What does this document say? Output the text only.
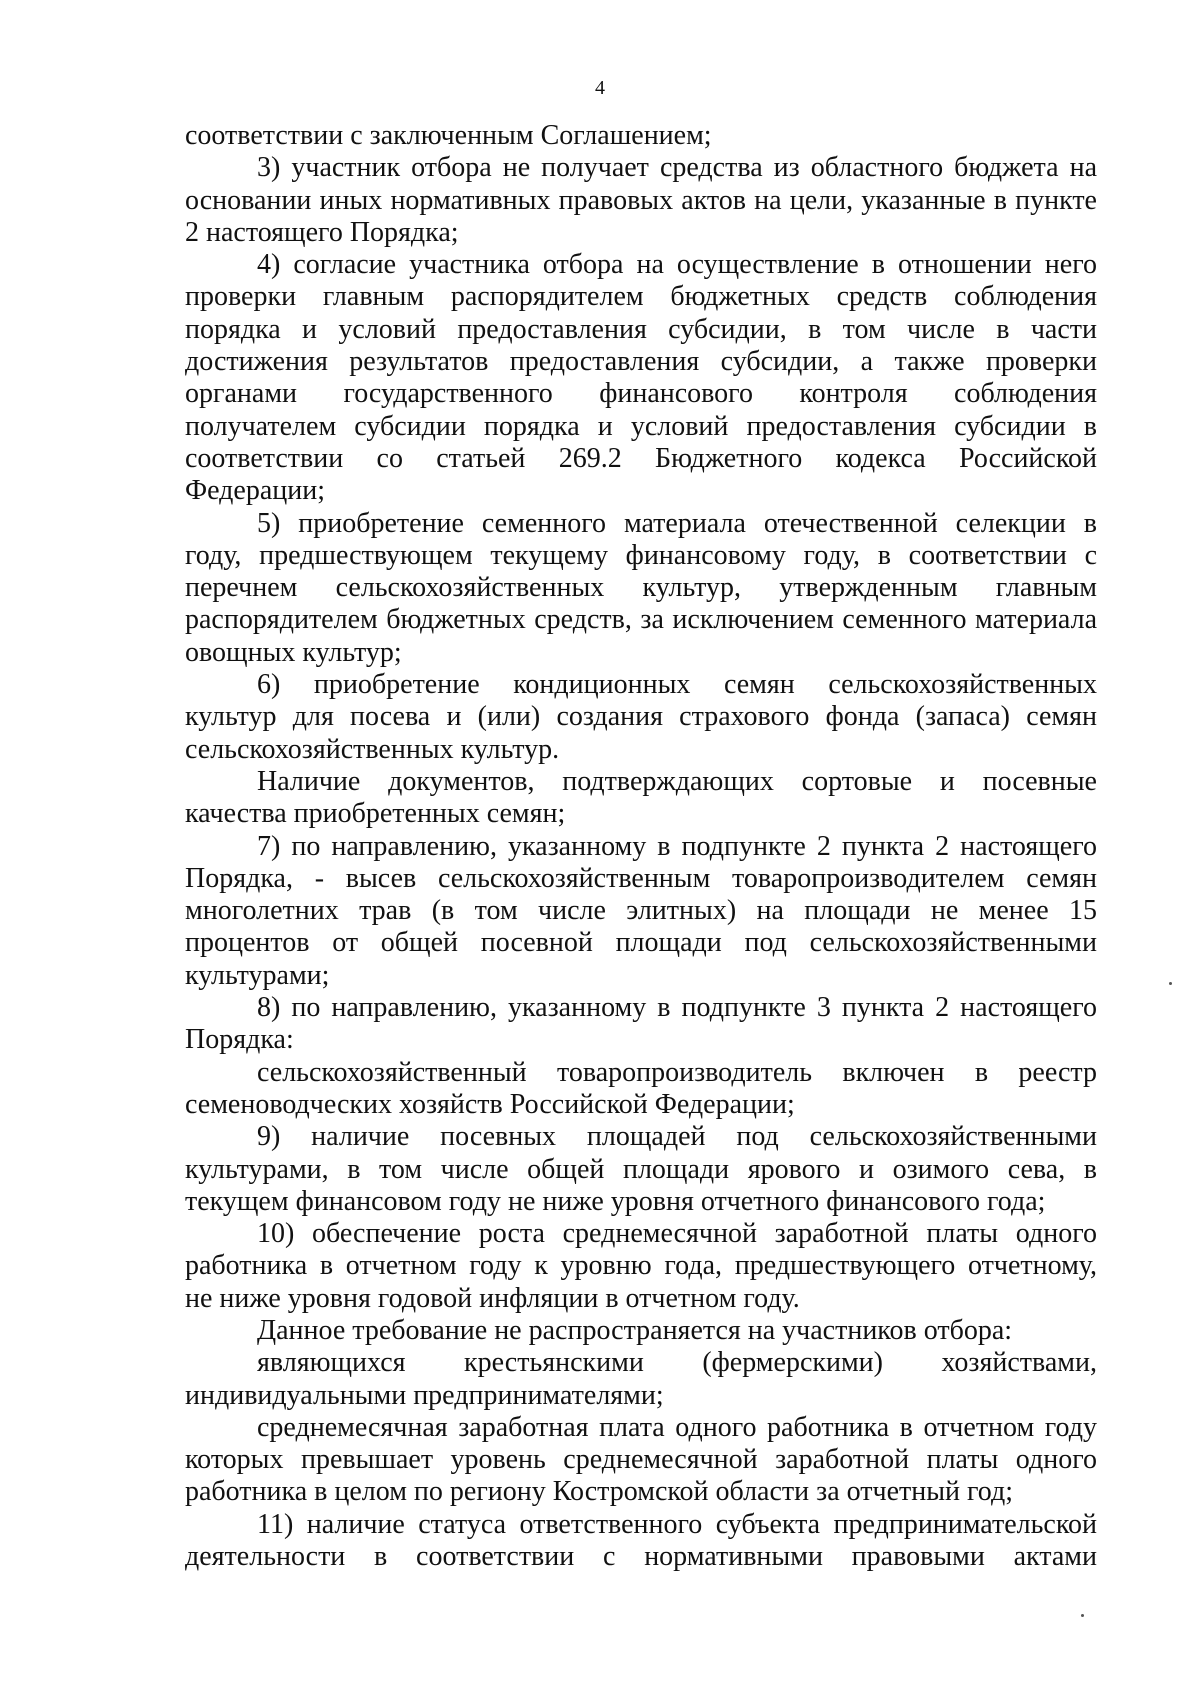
4
соответствии с заключенным Соглашением;
3) участник отбора не получает средства из областного бюджета на
основании иных нормативных правовых актов на цели, указанные в пункте
2 настоящего Порядка;
4) согласие участника отбора на осуществление в отношении него
проверки главным распорядителем бюджетных средств соблюдения
порядка и условий предоставления субсидии, в том числе в части
достижения результатов предоставления субсидии, а также проверки
органами государственного финансового контроля соблюдения
получателем субсидии порядка и условий предоставления субсидии в
соответствии со статьей 269.2 Бюджетного кодекса Российской
Федерации;
5) приобретение семенного материала отечественной селекции в
году, предшествующем текущему финансовому году, в соответствии с
перечнем сельскохозяйственных культур, утвержденным главным
распорядителем бюджетных средств, за исключением семенного материала
овощных культур;
6) приобретение кондиционных семян сельскохозяйственных
культур для посева и (или) создания страхового фонда (запаса) семян
сельскохозяйственных культур.
Наличие документов, подтверждающих сортовые и посевные
качества приобретенных семян;
7) по направлению, указанному в подпункте 2 пункта 2 настоящего
Порядка, - высев сельскохозяйственным товаропроизводителем семян
многолетних трав (в том числе элитных) на площади не менее 15
процентов от общей посевной площади под сельскохозяйственными
культурами;
8) по направлению, указанному в подпункте 3 пункта 2 настоящего
Порядка:
сельскохозяйственный товаропроизводитель включен в реестр
семеноводческих хозяйств Российской Федерации;
9) наличие посевных площадей под сельскохозяйственными
культурами, в том числе общей площади ярового и озимого сева, в
текущем финансовом году не ниже уровня отчетного финансового года;
10) обеспечение роста среднемесячной заработной платы одного
работника в отчетном году к уровню года, предшествующего отчетному,
не ниже уровня годовой инфляции в отчетном году.
Данное требование не распространяется на участников отбора:
являющихся крестьянскими (фермерскими) хозяйствами,
индивидуальными предпринимателями;
среднемесячная заработная плата одного работника в отчетном году
которых превышает уровень среднемесячной заработной платы одного
работника в целом по региону Костромской области за отчетный год;
11) наличие статуса ответственного субъекта предпринимательской
деятельности в соответствии с нормативными правовыми актами
